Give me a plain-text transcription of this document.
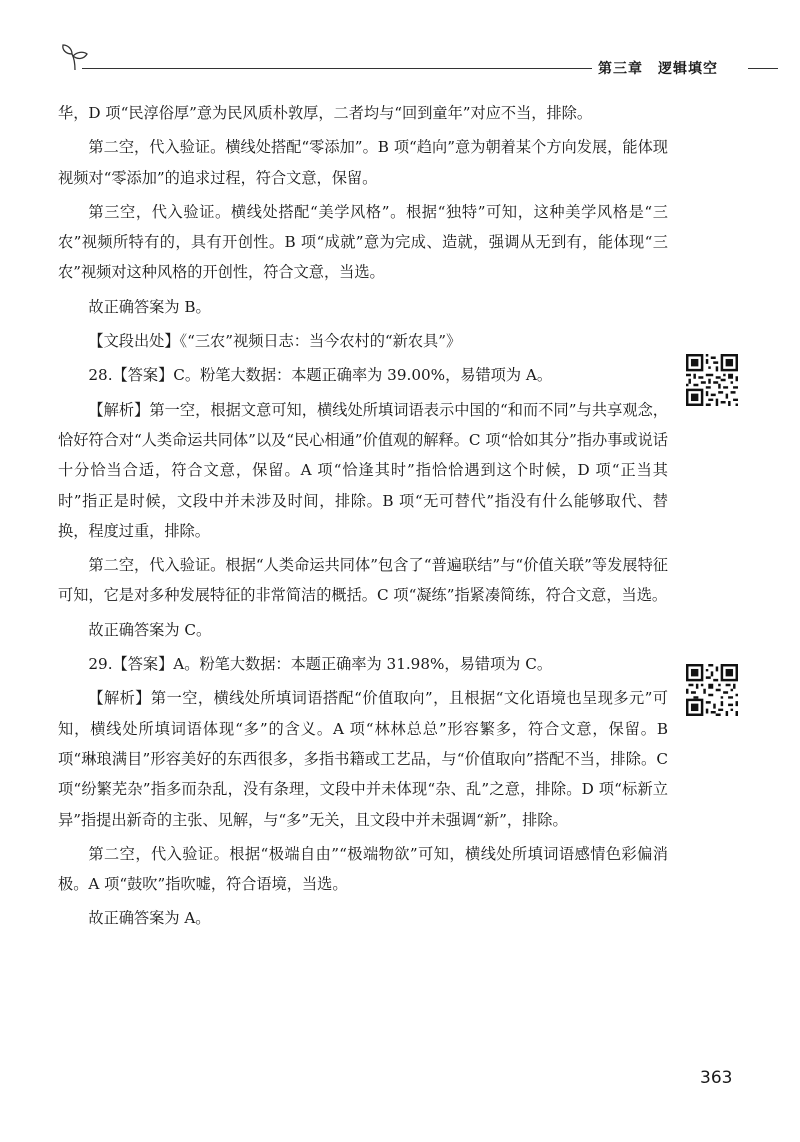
第三章　逻辑填空

华，D 项“民淳俗厚”意为民风质朴敦厚，二者均与“回到童年”对应不当，排除。

第二空，代入验证。横线处搭配“零添加”。B 项“趋向”意为朝着某个方向发展，能体现视频对“零添加”的追求过程，符合文意，保留。

第三空，代入验证。横线处搭配“美学风格”。根据“独特”可知，这种美学风格是“三农”视频所特有的，具有开创性。B 项“成就”意为完成、造就，强调从无到有，能体现“三农”视频对这种风格的开创性，符合文意，当选。

故正确答案为 B。

【文段出处】《“三农”视频日志：当今农村的“新农具”》

28.【答案】C。粉笔大数据：本题正确率为 39.00%，易错项为 A。

【解析】第一空，根据文意可知，横线处所填词语表示中国的“和而不同”与共享观念，恰好符合对“人类命运共同体”以及“民心相通”价值观的解释。C 项“恰如其分”指办事或说话十分恰当合适，符合文意，保留。A 项“恰逢其时”指恰恰遇到这个时候，D 项“正当其时”指正是时候，文段中并未涉及时间，排除。B 项“无可替代”指没有什么能够取代、替换，程度过重，排除。

第二空，代入验证。根据“人类命运共同体”包含了“普遍联结”与“价值关联”等发展特征可知，它是对多种发展特征的非常简洁的概括。C 项“凝练”指紧凑简练，符合文意，当选。

故正确答案为 C。

29.【答案】A。粉笔大数据：本题正确率为 31.98%，易错项为 C。

【解析】第一空，横线处所填词语搭配“价值取向”，且根据“文化语境也呈现多元”可知，横线处所填词语体现“多”的含义。A 项“林林总总”形容繁多，符合文意，保留。B 项“琳琅满目”形容美好的东西很多，多指书籍或工艺品，与“价值取向”搭配不当，排除。C 项“纷繁芜杂”指多而杂乱，没有条理，文段中并未体现“杂、乱”之意，排除。D 项“标新立异”指提出新奇的主张、见解，与“多”无关，且文段中并未强调“新”，排除。

第二空，代入验证。根据“极端自由”“极端物欲”可知，横线处所填词语感情色彩偏消极。A 项“鼓吹”指吹嘘，符合语境，当选。

故正确答案为 A。

363
